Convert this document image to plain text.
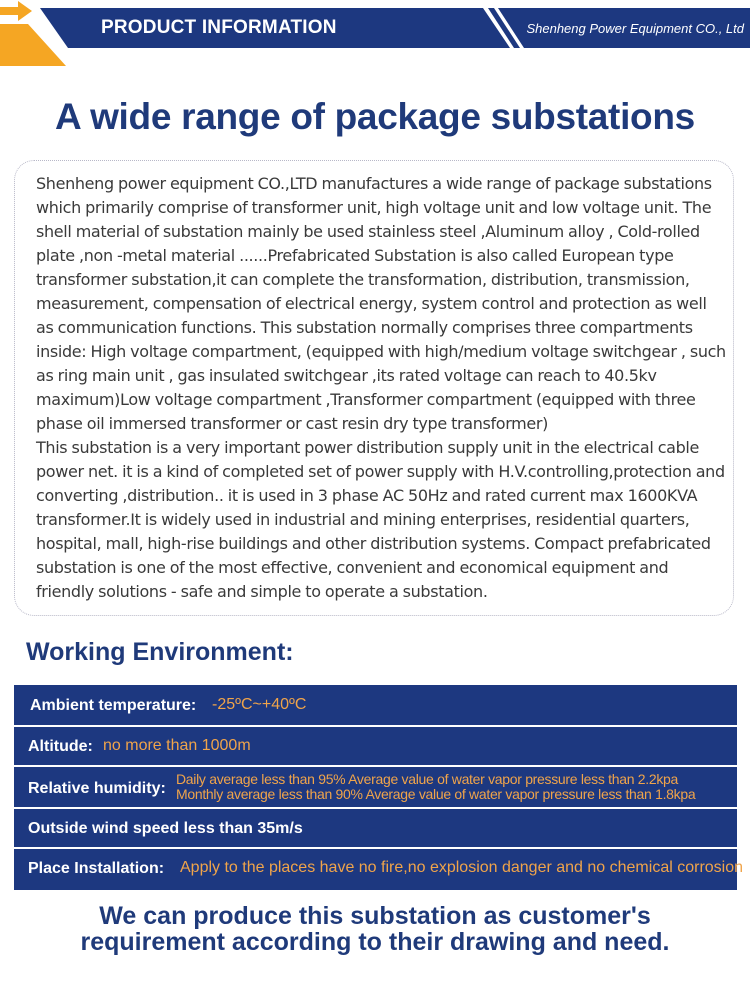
PRODUCT INFORMATION	Shenheng Power Equipment CO., Ltd
A wide range of package substations

Shenheng power equipment CO.,LTD manufactures a wide range of package substations which primarily comprise of transformer unit, high voltage unit and low voltage unit. The shell material of substation mainly be used stainless steel ,Aluminum alloy , Cold-rolled plate ,non -metal material ......Prefabricated Substation is also called European type transformer substation,it can complete the transformation, distribution, transmission, measurement, compensation of electrical energy, system control and protection as well as communication functions. This substation normally comprises three compartments inside: High voltage compartment, (equipped with high/medium voltage switchgear , such as ring main unit , gas insulated switchgear ,its rated voltage can reach to 40.5kv maximum)Low voltage compartment ,Transformer compartment (equipped with three phase oil immersed transformer or cast resin dry type transformer)

This substation is a very important power distribution supply unit in the electrical cable power net. it is a kind of completed set of power supply with H.V.controlling,protection and converting ,distribution.. it is used in 3 phase AC 50Hz and rated current max 1600KVA transformer.It is widely used in industrial and mining enterprises, residential quarters, hospital, mall, high-rise buildings and other distribution systems. Compact prefabricated substation is one of the most effective, convenient and economical equipment and friendly solutions - safe and simple to operate a substation.

Working Environment:
Ambient temperature: -25ºC~+40ºC
Altitude: no more than 1000m
Relative humidity:
Daily average less than 95% Average value of water vapor pressure less than 2.2kpa
Monthly average less than 90% Average value of water vapor pressure less than 1.8kpa
Outside wind speed less than 35m/s
Place Installation: Apply to the places have no fire,no explosion danger and no chemical corrosion
We can produce this substation as customer's
requirement according to their drawing and need.
